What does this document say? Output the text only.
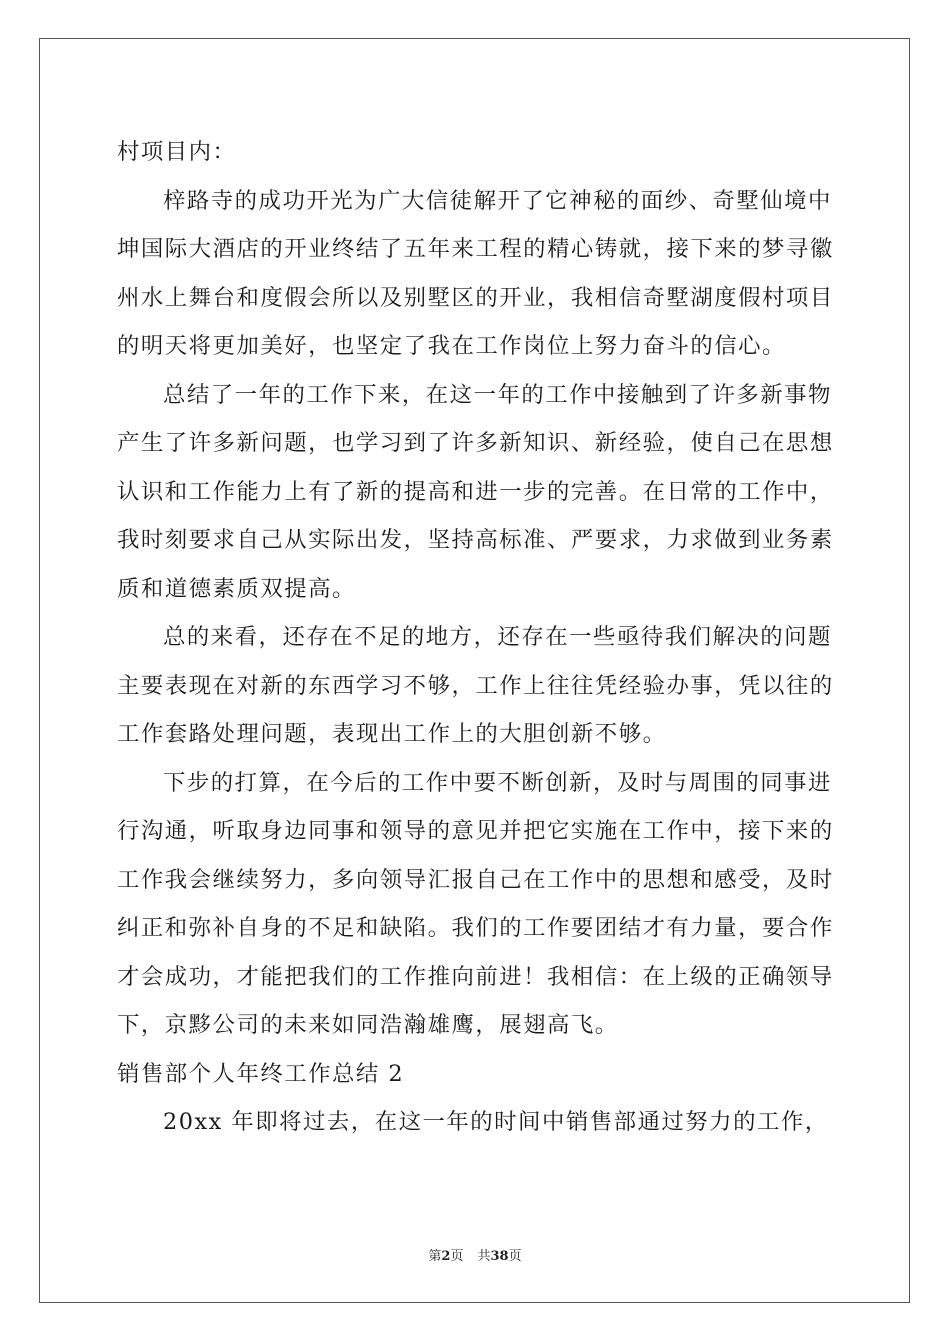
村项目内：
梓路寺的成功开光为广大信徒解开了它神秘的面纱、奇墅仙境中
坤国际大酒店的开业终结了五年来工程的精心铸就，接下来的梦寻徽
州水上舞台和度假会所以及别墅区的开业，我相信奇墅湖度假村项目
的明天将更加美好，也坚定了我在工作岗位上努力奋斗的信心。
总结了一年的工作下来，在这一年的工作中接触到了许多新事物
产生了许多新问题，也学习到了许多新知识、新经验，使自己在思想
认识和工作能力上有了新的提高和进一步的完善。在日常的工作中，
我时刻要求自己从实际出发，坚持高标准、严要求，力求做到业务素
质和道德素质双提高。
总的来看，还存在不足的地方，还存在一些亟待我们解决的问题
主要表现在对新的东西学习不够，工作上往往凭经验办事，凭以往的
工作套路处理问题，表现出工作上的大胆创新不够。
下步的打算，在今后的工作中要不断创新，及时与周围的同事进
行沟通，听取身边同事和领导的意见并把它实施在工作中，接下来的
工作我会继续努力，多向领导汇报自己在工作中的思想和感受，及时
纠正和弥补自身的不足和缺陷。我们的工作要团结才有力量，要合作
才会成功，才能把我们的工作推向前进！我相信：在上级的正确领导
下，京黟公司的未来如同浩瀚雄鹰，展翅高飞。
销售部个人年终工作总结 2
20xx 年即将过去，在这一年的时间中销售部通过努力的工作，
第2页 共38页
